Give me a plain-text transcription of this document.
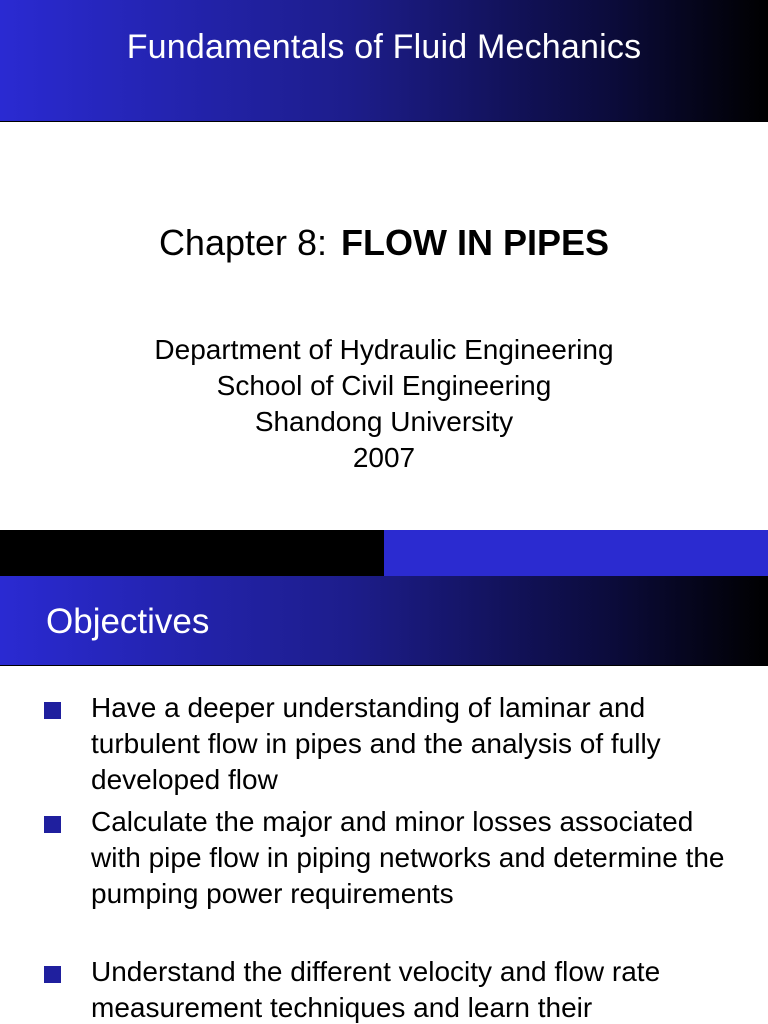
Fundamentals of Fluid Mechanics
Chapter 8: FLOW IN PIPES
Department of Hydraulic Engineering
School of Civil Engineering
Shandong University
2007
Objectives
Have a deeper understanding of laminar and turbulent flow in pipes and the analysis of fully developed flow
Calculate the major and minor losses associated with pipe flow in piping networks and determine the pumping power requirements
Understand the different velocity and flow rate measurement techniques and learn their
